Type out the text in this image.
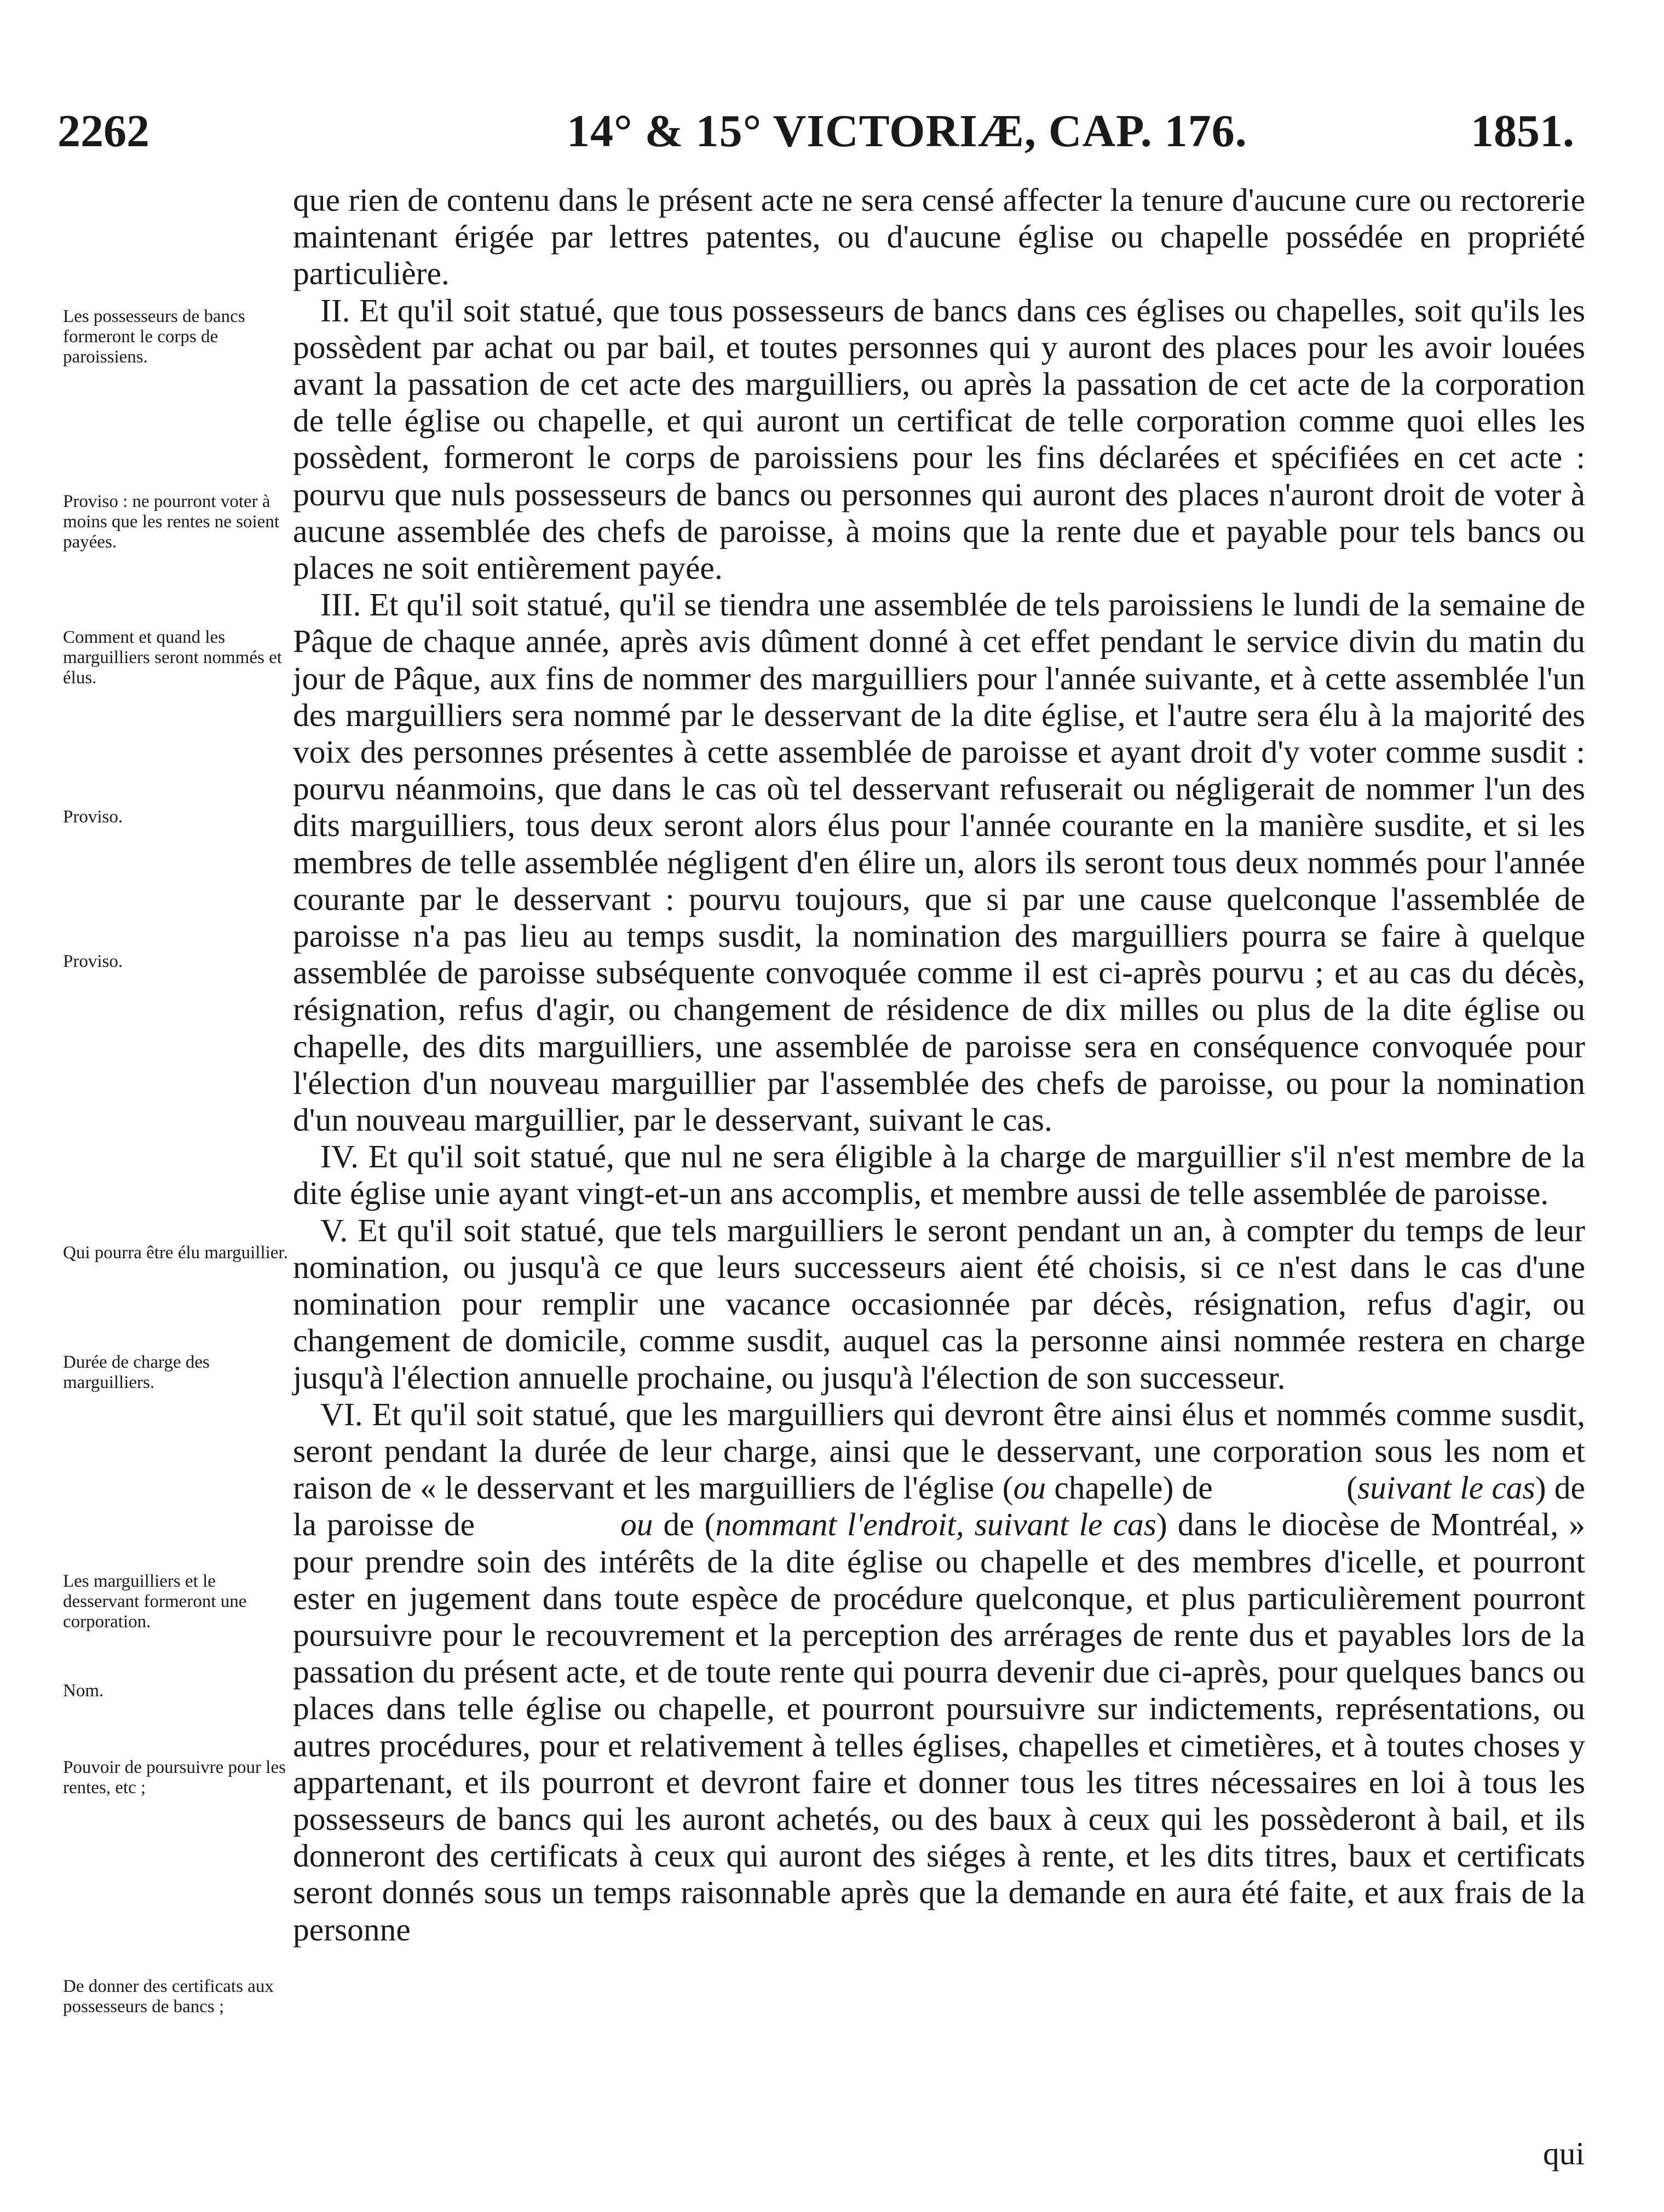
2262	14° & 15° VICTORIÆ, CAP. 176.	1851.
Les possesseurs de bancs formeront le corps de paroissiens.
Proviso : ne pourront voter à moins que les rentes ne soient payées.
Comment et quand les marguilliers seront nommés et élus.
Proviso.
Proviso.
Qui pourra être élu marguillier.
Durée de charge des marguilliers.
Les marguilliers et le desservant formeront une corporation.
Nom.
Pouvoir de poursuivre pour les rentes, etc ;
De donner des certificats aux possesseurs de bancs ;

que rien de contenu dans le présent acte ne sera censé affecter la tenure d'aucune cure ou rectorerie maintenant érigée par lettres patentes, ou d'aucune église ou chapelle possédée en propriété particulière.

II. Et qu'il soit statué, que tous possesseurs de bancs dans ces églises ou chapelles, soit qu'ils les possèdent par achat ou par bail, et toutes personnes qui y auront des places pour les avoir louées avant la passation de cet acte des marguilliers, ou après la passation de cet acte de la corporation de telle église ou chapelle, et qui auront un certificat de telle corporation comme quoi elles les possèdent, formeront le corps de paroissiens pour les fins déclarées et spécifiées en cet acte : pourvu que nuls possesseurs de bancs ou personnes qui auront des places n'auront droit de voter à aucune assemblée des chefs de paroisse, à moins que la rente due et payable pour tels bancs ou places ne soit entièrement payée.

III. Et qu'il soit statué, qu'il se tiendra une assemblée de tels paroissiens le lundi de la semaine de Pâque de chaque année, après avis dûment donné à cet effet pendant le service divin du matin du jour de Pâque, aux fins de nommer des marguilliers pour l'année suivante, et à cette assemblée l'un des marguilliers sera nommé par le desservant de la dite église, et l'autre sera élu à la majorité des voix des personnes présentes à cette assemblée de paroisse et ayant droit d'y voter comme susdit : pourvu néanmoins, que dans le cas où tel desservant refuserait ou négligerait de nommer l'un des dits marguilliers, tous deux seront alors élus pour l'année courante en la manière susdite, et si les membres de telle assemblée négligent d'en élire un, alors ils seront tous deux nommés pour l'année courante par le desservant : pourvu toujours, que si par une cause quelconque l'assemblée de paroisse n'a pas lieu au temps susdit, la nomination des marguilliers pourra se faire à quelque assemblée de paroisse subséquente convoquée comme il est ci-après pourvu ; et au cas du décès, résignation, refus d'agir, ou changement de résidence de dix milles ou plus de la dite église ou chapelle, des dits marguilliers, une assemblée de paroisse sera en conséquence convoquée pour l'élection d'un nouveau marguillier par l'assemblée des chefs de paroisse, ou pour la nomination d'un nouveau marguillier, par le desservant, suivant le cas.

IV. Et qu'il soit statué, que nul ne sera éligible à la charge de marguillier s'il n'est membre de la dite église unie ayant vingt-et-un ans accomplis, et membre aussi de telle assemblée de paroisse.

V. Et qu'il soit statué, que tels marguilliers le seront pendant un an, à compter du temps de leur nomination, ou jusqu'à ce que leurs successeurs aient été choisis, si ce n'est dans le cas d'une nomination pour remplir une vacance occasionnée par décès, résignation, refus d'agir, ou changement de domicile, comme susdit, auquel cas la personne ainsi nommée restera en charge jusqu'à l'élection annuelle prochaine, ou jusqu'à l'élection de son successeur.

VI. Et qu'il soit statué, que les marguilliers qui devront être ainsi élus et nommés comme susdit, seront pendant la durée de leur charge, ainsi que le desservant, une corporation sous les nom et raison de « le desservant et les marguilliers de l'église (ou chapelle) de                (suivant le cas) de la paroisse de              ou de (nommant l'endroit, suivant le cas) dans le diocèse de Montréal, » pour prendre soin des intérêts de la dite église ou chapelle et des membres d'icelle, et pourront ester en jugement dans toute espèce de procédure quelconque, et plus particulièrement pourront poursuivre pour le recouvrement et la perception des arrérages de rente dus et payables lors de la passation du présent acte, et de toute rente qui pourra devenir due ci-après, pour quelques bancs ou places dans telle église ou chapelle, et pourront poursuivre sur indictements, représentations, ou autres procédures, pour et relativement à telles églises, chapelles et cimetières, et à toutes choses y appartenant, et ils pourront et devront faire et donner tous les titres nécessaires en loi à tous les possesseurs de bancs qui les auront achetés, ou des baux à ceux qui les possèderont à bail, et ils donneront des certificats à ceux qui auront des siéges à rente, et les dits titres, baux et certificats seront donnés sous un temps raisonnable après que la demande en aura été faite, et aux frais de la personne

qui
